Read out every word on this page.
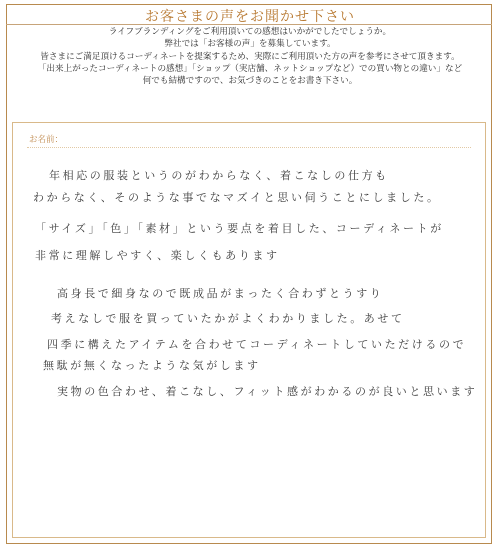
お客さまの声をお聞かせ下さい
ライフブランディングをご利用頂いての感想はいかがでしたでしょうか。
弊社では「お客様の声」を募集しています。
皆さまにご満足頂けるコーディネートを提案するため、実際にご利用頂いた方の声を参考にさせて頂きます。
「出来上がったコーディネートの感想」「ショップ（実店舗、ネットショップなど）での買い物との違い」など
何でも結構ですので、お気づきのことをお書き下さい。
お名前：
年相応の服装というのがわからなく、着こなしの仕方も
わからなく、そのような事でなマズイと思い伺うことにしました。
「サイズ」「色」「素材」という要点を着目した、コーディネートが
非常に理解しやすく、楽しくもあります
高身長で細身なので既成品がまったく合わずとうすり
考えなしで服を買っていたかがよくわかりました。あせて
四季に構えたアイテムを合わせてコーディネートしていただけるので
無駄が無くなったような気がします
実物の色合わせ、着こなし、フィット感がわかるのが良いと思います
